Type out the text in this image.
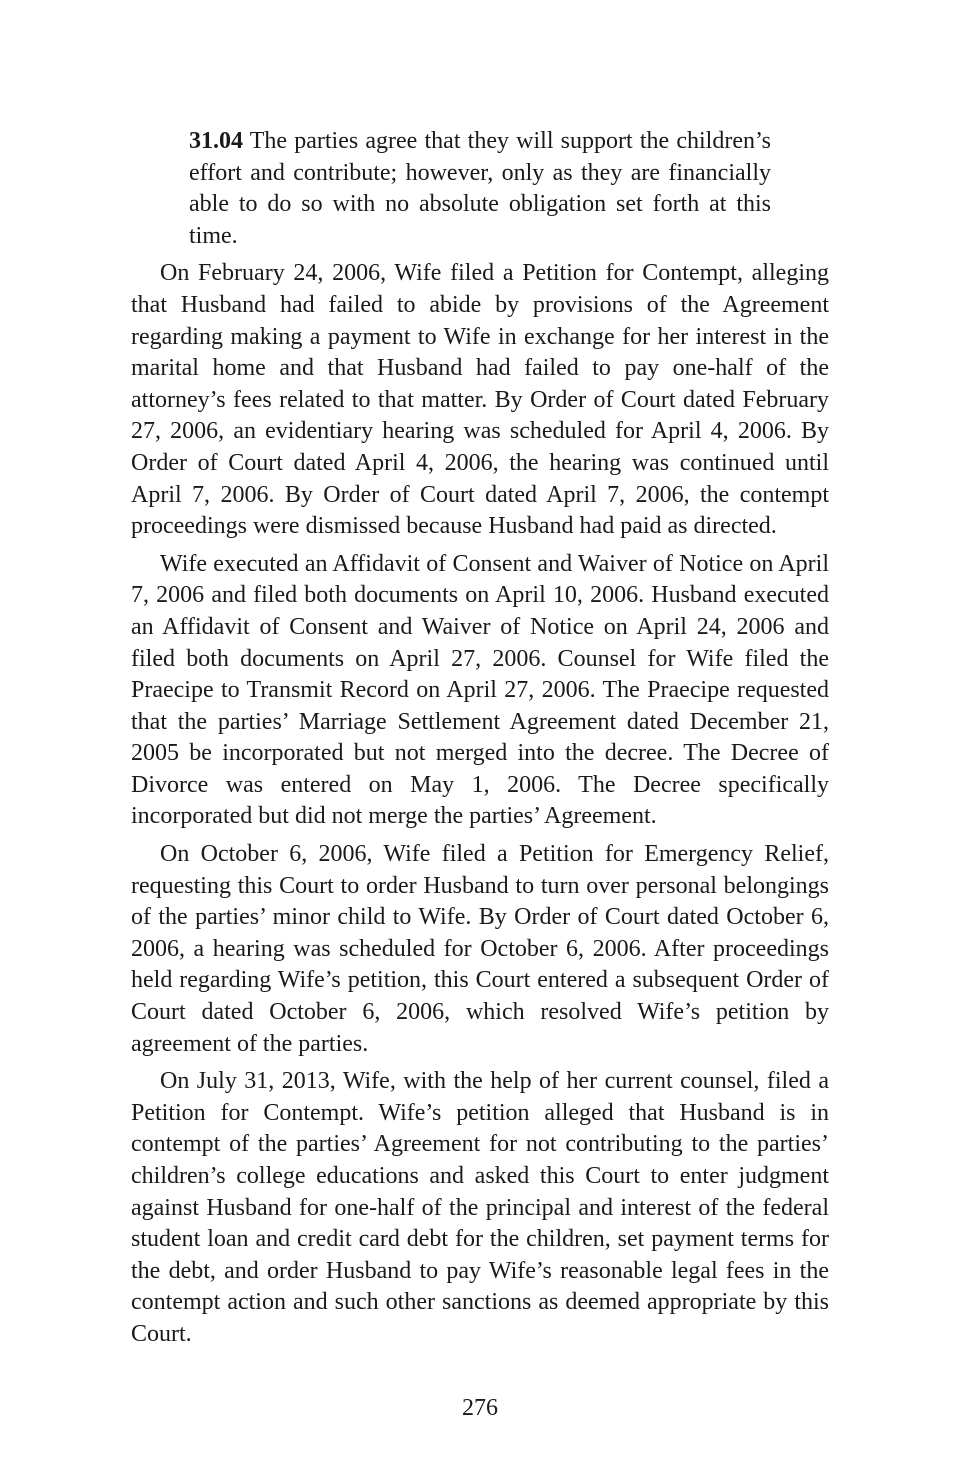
31.04 The parties agree that they will support the children’s effort and contribute; however, only as they are financially able to do so with no absolute obligation set forth at this time.

On February 24, 2006, Wife filed a Petition for Contempt, alleging that Husband had failed to abide by provisions of the Agreement regarding making a payment to Wife in exchange for her interest in the marital home and that Husband had failed to pay one-half of the attorney’s fees related to that matter. By Order of Court dated February 27, 2006, an evidentiary hearing was scheduled for April 4, 2006. By Order of Court dated April 4, 2006, the hearing was continued until April 7, 2006. By Order of Court dated April 7, 2006, the contempt proceedings were dismissed because Husband had paid as directed.

Wife executed an Affidavit of Consent and Waiver of Notice on April 7, 2006 and filed both documents on April 10, 2006. Husband executed an Affidavit of Consent and Waiver of Notice on April 24, 2006 and filed both documents on April 27, 2006. Counsel for Wife filed the Praecipe to Transmit Record on April 27, 2006. The Praecipe requested that the parties’ Marriage Settlement Agreement dated December 21, 2005 be incorporated but not merged into the decree. The Decree of Divorce was entered on May 1, 2006. The Decree specifically incorporated but did not merge the parties’ Agreement.

On October 6, 2006, Wife filed a Petition for Emergency Relief, requesting this Court to order Husband to turn over personal belongings of the parties’ minor child to Wife. By Order of Court dated October 6, 2006, a hearing was scheduled for October 6, 2006. After proceedings held regarding Wife’s petition, this Court entered a subsequent Order of Court dated October 6, 2006, which resolved Wife’s petition by agreement of the parties.

On July 31, 2013, Wife, with the help of her current counsel, filed a Petition for Contempt. Wife’s petition alleged that Husband is in contempt of the parties’ Agreement for not contributing to the parties’ children’s college educations and asked this Court to enter judgment against Husband for one-half of the principal and interest of the federal student loan and credit card debt for the children, set payment terms for the debt, and order Husband to pay Wife’s reasonable legal fees in the contempt action and such other sanctions as deemed appropriate by this Court.

276
